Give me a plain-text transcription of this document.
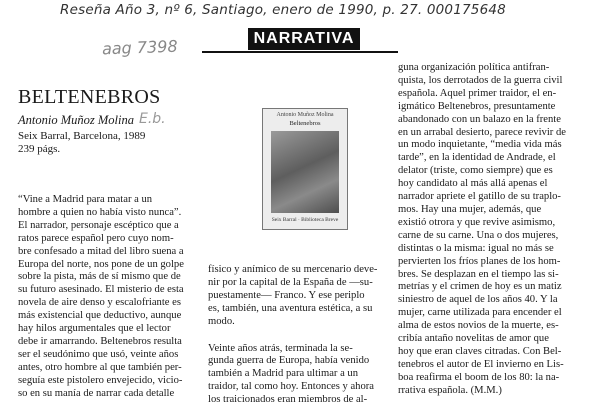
Reseña Año 3, nº 6, Santiago, enero de 1990, p. 27. 000175648
aag 7398	NARRATIVA
BELTENEBROS
Antonio Muñoz Molina E.b.
Seix Barral, Barcelona, 1989
239 págs.
Antonio Muñoz Molina
Beltenebros
Seix Barral · Biblioteca Breve
“Vine a Madrid para matar a un
hombre a quien no había visto nunca”.
El narrador, personaje escéptico que a
ratos parece español pero cuyo nom-
bre confesado a mitad del libro suena a
Europa del norte, nos pone de un golpe
sobre la pista, más de sí mismo que de
su futuro asesinado. El misterio de esta
novela de aire denso y escalofriante es
más existencial que deductivo, aunque
hay hilos argumentales que el lector
debe ir amarrando. Beltenebros resulta
ser el seudónimo que usó, veinte años
antes, otro hombre al que también per-
seguía este pistolero envejecido, vicio-
so en su manía de narrar cada detalle
físico y anímico de su mercenario deve-
nir por la capital de la España de —su-
puestamente— Franco. Y ese periplo
es, también, una aventura estética, a su
modo.
Veinte años atrás, terminada la se-
gunda guerra de Europa, había venido
también a Madrid para ultimar a un
traidor, tal como hoy. Entonces y ahora
los traicionados eran miembros de al-
guna organización política antifran-
quista, los derrotados de la guerra civil
española. Aquel primer traidor, el en-
igmático Beltenebros, presuntamente
abandonado con un balazo en la frente
en un arrabal desierto, parece revivir de
un modo inquietante, “media vida más
tarde”, en la identidad de Andrade, el
delator (triste, como siempre) que es
hoy candidato al más allá apenas el
narrador apriete el gatillo de su traplo-
mos. Hay una mujer, además, que
existió otrora y que revive asimismo,
carne de su carne. Una o dos mujeres,
distintas o la misma: igual no más se
pervierten los fríos planes de los hom-
bres. Se desplazan en el tiempo las si-
metrías y el crimen de hoy es un matiz
siniestro de aquel de los años 40. Y la
mujer, carne utilizada para encender el
alma de estos novios de la muerte, es-
cribía antaño novelitas de amor que
hoy que eran claves citradas. Con Bel-
tenebros el autor de El invierno en Lis-
boa reafirma el boom de los 80: la na-
rrativa española. (M.M.)
